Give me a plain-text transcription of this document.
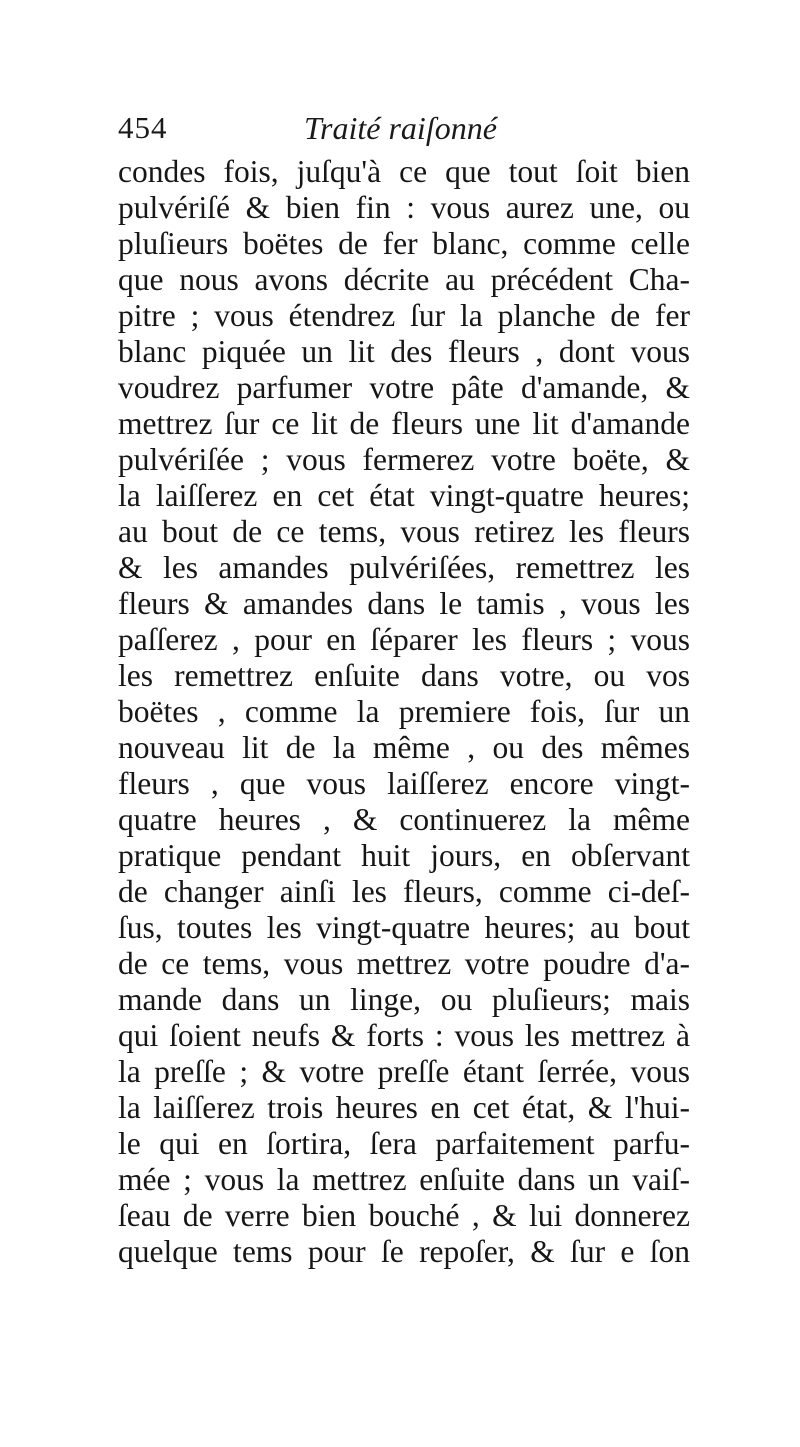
454	Traité raiſonné
condes fois, juſqu'à ce que tout ſoit bien
pulvériſé & bien fin : vous aurez une, ou
pluſieurs boëtes de fer blanc, comme celle
que nous avons décrite au précédent Cha-
pitre ; vous étendrez ſur la planche de fer
blanc piquée un lit des fleurs , dont vous
voudrez parfumer votre pâte d'amande, &
mettrez ſur ce lit de fleurs une lit d'amande
pulvériſée ; vous fermerez votre boëte, &
la laiſſerez en cet état vingt-quatre heures;
au bout de ce tems, vous retirez les fleurs
& les amandes pulvériſées, remettrez les
fleurs & amandes dans le tamis , vous les
paſſerez , pour en ſéparer les fleurs ; vous
les remettrez enſuite dans votre, ou vos
boëtes , comme la premiere fois, ſur un
nouveau lit de la même , ou des mêmes
fleurs , que vous laiſſerez encore vingt-
quatre heures , & continuerez la même
pratique pendant huit jours, en obſervant
de changer ainſi les fleurs, comme ci-deſ-
ſus, toutes les vingt-quatre heures; au bout
de ce tems, vous mettrez votre poudre d'a-
mande dans un linge, ou pluſieurs; mais
qui ſoient neufs & forts : vous les mettrez à
la preſſe ; & votre preſſe étant ſerrée, vous
la laiſſerez trois heures en cet état, & l'hui-
le qui en ſortira, ſera parfaitement parfu-
mée ; vous la mettrez enſuite dans un vaiſ-
ſeau de verre bien bouché , & lui donnerez
quelque tems pour ſe repoſer, & ſur e ſon
